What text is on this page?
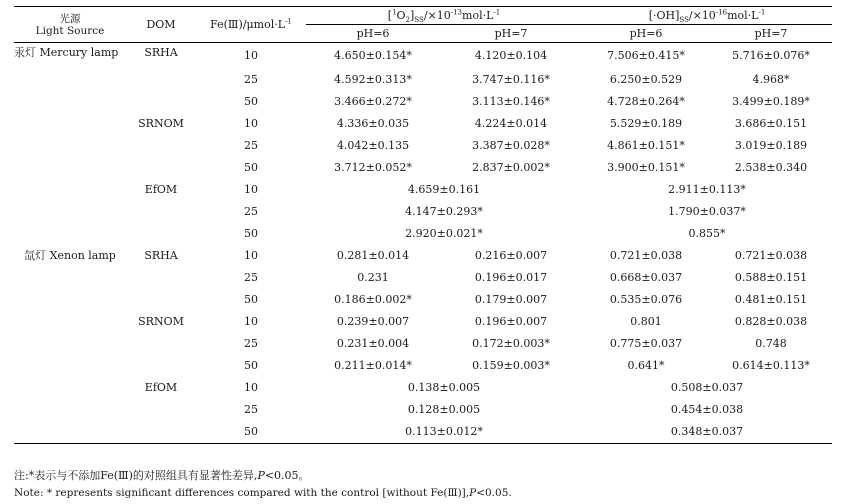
光源
Light Source	DOM	$Fe(Ⅲ)/\mu mol\cdot L^{-1}$	$[^1O_2]_{SS}/\times 10^{-13}mol\cdot L^{-1}$		$[\cdot OH]_{SS}/\times 10^{-16}mol\cdot L^{-1}$
			pH=6	pH=7	pH=6	pH=7
汞灯 Mercury lamp	SRHA	10	4.650±0.154*	4.120±0.104	7.506±0.415*	5.716±0.076*
		25	4.592±0.313*	3.747±0.116*	6.250±0.529	4.968*
		50	3.466±0.272*	3.113±0.146*	4.728±0.264*	3.499±0.189*
	SRNOM	10	4.336±0.035	4.224±0.014	5.529±0.189	3.686±0.151
		25	4.042±0.135	3.387±0.028*	4.861±0.151*	3.019±0.189
		50	3.712±0.052*	2.837±0.002*	3.900±0.151*	2.538±0.340
	EfOM	10	4.659±0.161		2.911±0.113*	
		25	4.147±0.293*		1.790±0.037*	
		50	2.920±0.021*		0.855*	
氙灯 Xenon lamp	SRHA	10	0.281±0.014	0.216±0.007	0.721±0.038	0.721±0.038
		25	0.231	0.196±0.017	0.668±0.037	0.588±0.151
		50	0.186±0.002*	0.179±0.007	0.535±0.076	0.481±0.151
	SRNOM	10	0.239±0.007	0.196±0.007	0.801	0.828±0.038
		25	0.231±0.004	0.172±0.003*	0.775±0.037	0.748
		50	0.211±0.014*	0.159±0.003*	0.641*	0.614±0.113*
	EfOM	10	0.138±0.005		0.508±0.037	
		25	0.128±0.005		0.454±0.038	
		50	0.113±0.012*		0.348±0.037	
注:*表示与不添加Fe(Ⅲ)的对照组具有显著性差异,P<0.05。
Note: * represents significant differences compared with the control [without Fe(Ⅲ)],P<0.05.
